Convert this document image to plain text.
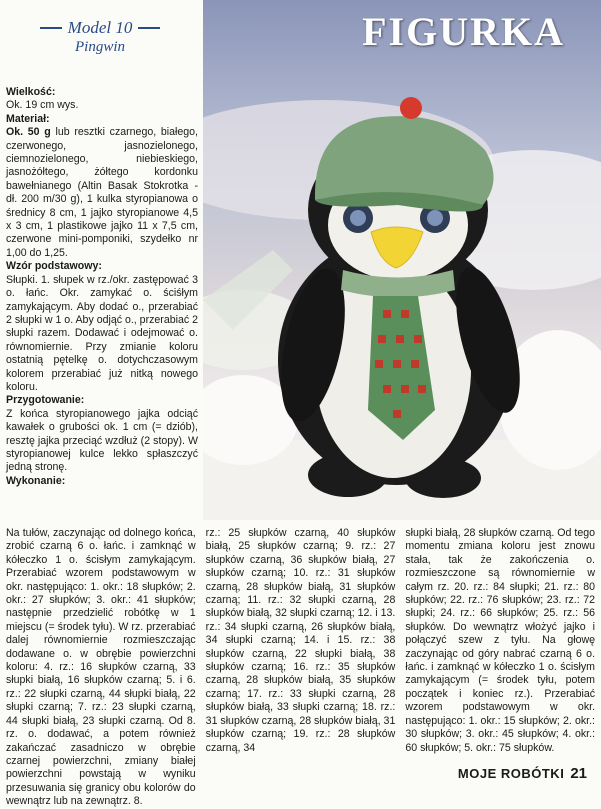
Model 10
Pingwin	FIGURKA

Wielkość:

Ok. 19 cm wys.

Materiał:

Ok. 50 g lub resztki czarnego, białego, czerwonego, jasnozielonego, ciemnozielonego, niebieskiego, jasnożółtego, żółtego kordonku bawełnianego (Altin Basak Stokrotka - dł. 200 m/30 g), 1 kulka styropianowa o średnicy 8 cm, 1 jajko styropianowe 4,5 x 3 cm, 1 plastikowe jajko 11 x 7,5 cm, czerwone mini-pomponiki, szydełko nr 1,00 do 1,25.

Wzór podstawowy:

Słupki. 1. słupek w rz./okr. zastępować 3 o. łańc. Okr. zamykać o. ściśłym zamykającym. Aby dodać o., przerabiać 2 słupki w 1 o. Aby odjąć o., przerabiać 2 słupki razem. Dodawać i odejmować o. równomiernie. Przy zmianie koloru ostatnią pętelkę o. dotychczasowym kolorem przerabiać już nitką nowego koloru.

Przygotowanie:

Z końca styropianowego jajka odciąć kawałek o grubości ok. 1 cm (= dziób), resztę jajka przeciąć wzdłuż (2 stopy). W styropianowej kulce lekko spłaszczyć jedną stronę.

Wykonanie:

Na tułów, zaczynając od dolnego końca, zrobić czarną 6 o. łańc. i zamknąć w kółeczko 1 o. ścisłym zamykającym. Przerabiać wzorem podstawowym w okr. następująco: 1. okr.: 18 słupków; 2. okr.: 27 słupków; 3. okr.: 41 słupków; następnie przedzielić robótkę w 1 miejscu (= środek tyłu). W rz. przerabiać dalej równomiernie rozmieszczając dodawane o. w obrębie powierzchni koloru: 4. rz.: 16 słupków czarną, 33 słupki białą, 16 słupków czarną; 5. i 6. rz.: 22 słupki czarną, 44 słupki białą, 22 słupki czarną; 7. rz.: 23 słupki czarną, 44 słupki białą, 23 słupki czarną. Od 8. rz. o. dodawać, a potem również zakańczać zasadniczo w obrębie czarnej powierzchni, zmiany białej powierzchni powstają w wyniku przesuwania się granicy obu kolorów do wewnątrz lub na zewnątrz. 8.

rz.: 25 słupków czarną, 40 słupków białą, 25 słupków czarną; 9. rz.: 27 słupków czarną, 36 słupków białą, 27 słupków czarną; 10. rz.: 31 słupków czarną, 28 słupków białą, 31 słupków czarną; 11. rz.: 32 słupki czarną, 28 słupków białą, 32 słupki czarną; 12. i 13. rz.: 34 słupki czarną, 26 słupków białą, 34 słupki czarną; 14. i 15. rz.: 38 słupków czarną, 22 słupki białą, 38 słupków czarną; 16. rz.: 35 słupków czarną, 28 słupków białą, 35 słupków czarną; 17. rz.: 33 słupki czarną, 28 słupków białą, 33 słupki czarną; 18. rz.: 31 słupków czarną, 28 słupków białą, 31 słupków czarną; 19. rz.: 28 słupków czarną, 34

słupki białą, 28 słupków czarną. Od tego momentu zmiana koloru jest znowu stała, tak że zakończenia o. rozmieszczone są równomiernie w całym rz. 20. rz.: 84 słupki; 21. rz.: 80 słupków; 22. rz.: 76 słupków; 23. rz.: 72 słupki; 24. rz.: 66 słupków; 25. rz.: 56 słupków. Do wewnątrz włożyć jajko i połączyć szew z tyłu. Na głowę zaczynając od góry nabrać czarną 6 o. łańc. i zamknąć w kółeczko 1 o. ścisłym zamykającym (= środek tyłu, potem początek i koniec rz.). Przerabiać wzorem podstawowym w okr. następująco: 1. okr.: 15 słupków; 2. okr.: 30 słupków; 3. okr.: 45 słupków; 4. okr.: 60 słupków; 5. okr.: 75 słupków.

MOJE ROBÓTKI 21
